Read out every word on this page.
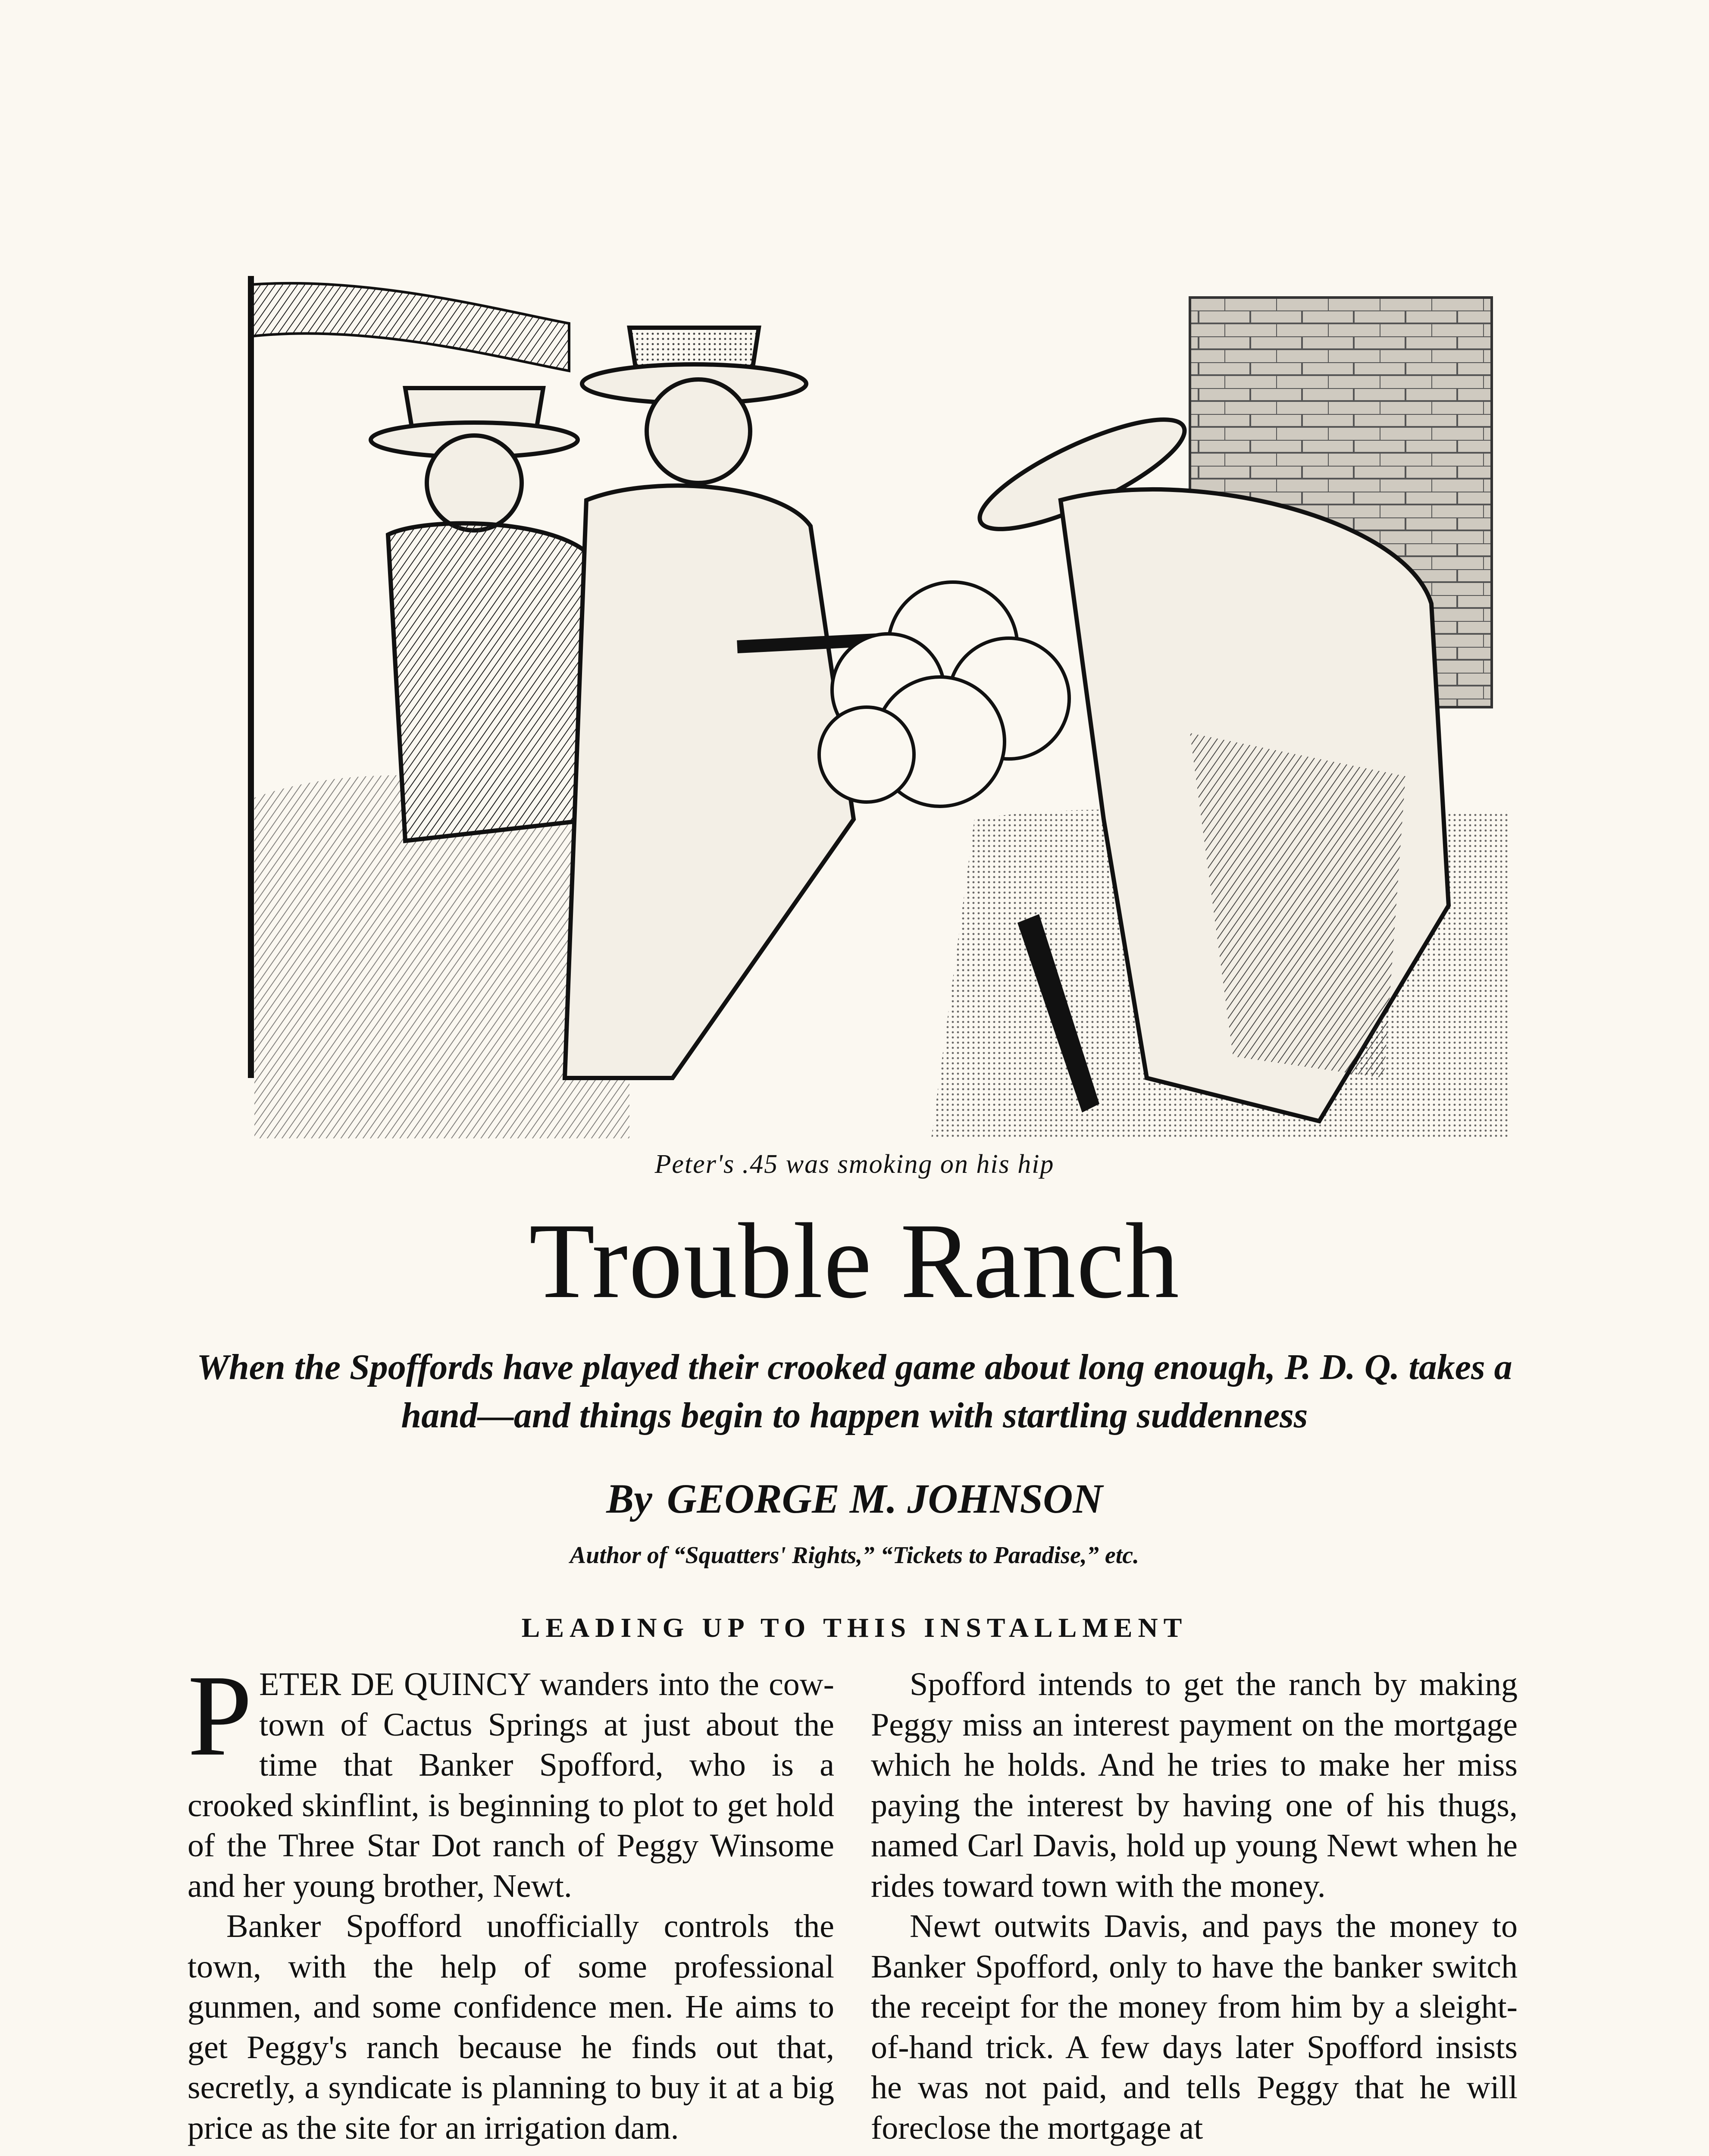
Peter's .45 was smoking on his hip
Trouble Ranch
When the Spoffords have played their crooked game about long enough, P. D. Q. takes a hand—and things begin to happen with startling suddenness
By GEORGE M. JOHNSON
Author of “Squatters' Rights,” “Tickets to Paradise,” etc.
LEADING UP TO THIS INSTALLMENT

PETER DE QUINCY wanders into the cow-town of Cactus Springs at just about the time that Banker Spofford, who is a crooked skinflint, is beginning to plot to get hold of the Three Star Dot ranch of Peggy Winsome and her young brother, Newt.

Banker Spofford unofficially controls the town, with the help of some professional gunmen, and some confidence men. He aims to get Peggy's ranch because he finds out that, secretly, a syndicate is planning to buy it at a big price as the site for an irrigation dam.

Spofford intends to get the ranch by making Peggy miss an interest payment on the mortgage which he holds. And he tries to make her miss paying the interest by having one of his thugs, named Carl Davis, hold up young Newt when he rides toward town with the money.

Newt outwits Davis, and pays the money to Banker Spofford, only to have the banker switch the receipt for the money from him by a sleight-of-hand trick. A few days later Spofford insists he was not paid, and tells Peggy that he will foreclose the mortgage at
